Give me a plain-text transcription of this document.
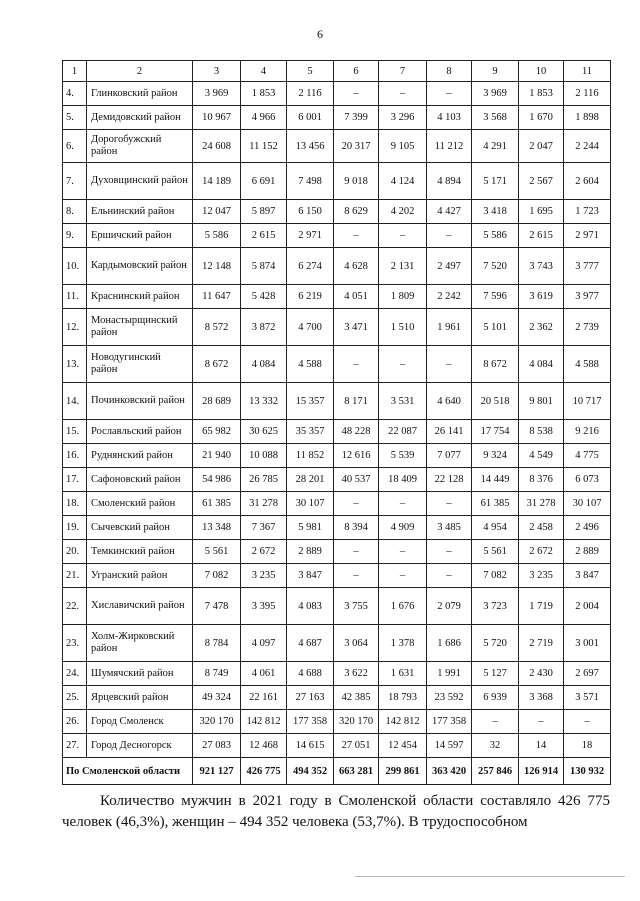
6
1	2	3	4	5	6	7	8	9	10	11
4.	Глинковский район	3 969	1 853	2 116	–	–	–	3 969	1 853	2 116
5.	Демидовский район	10 967	4 966	6 001	7 399	3 296	4 103	3 568	1 670	1 898
6.	Дорогобужский район	24 608	11 152	13 456	20 317	9 105	11 212	4 291	2 047	2 244
7.	Духовщинский район	14 189	6 691	7 498	9 018	4 124	4 894	5 171	2 567	2 604
8.	Ельнинский район	12 047	5 897	6 150	8 629	4 202	4 427	3 418	1 695	1 723
9.	Ершичский район	5 586	2 615	2 971	–	–	–	5 586	2 615	2 971
10.	Кардымовский район	12 148	5 874	6 274	4 628	2 131	2 497	7 520	3 743	3 777
11.	Краснинский район	11 647	5 428	6 219	4 051	1 809	2 242	7 596	3 619	3 977
12.	Монастырщинский район	8 572	3 872	4 700	3 471	1 510	1 961	5 101	2 362	2 739
13.	Новодугинский район	8 672	4 084	4 588	–	–	–	8 672	4 084	4 588
14.	Починковский район	28 689	13 332	15 357	8 171	3 531	4 640	20 518	9 801	10 717
15.	Рославльский район	65 982	30 625	35 357	48 228	22 087	26 141	17 754	8 538	9 216
16.	Руднянский район	21 940	10 088	11 852	12 616	5 539	7 077	9 324	4 549	4 775
17.	Сафоновский район	54 986	26 785	28 201	40 537	18 409	22 128	14 449	8 376	6 073
18.	Смоленский район	61 385	31 278	30 107	–	–	–	61 385	31 278	30 107
19.	Сычевский район	13 348	7 367	5 981	8 394	4 909	3 485	4 954	2 458	2 496
20.	Темкинский район	5 561	2 672	2 889	–	–	–	5 561	2 672	2 889
21.	Угранский район	7 082	3 235	3 847	–	–	–	7 082	3 235	3 847
22.	Хиславичский район	7 478	3 395	4 083	3 755	1 676	2 079	3 723	1 719	2 004
23.	Холм-Жирковский район	8 784	4 097	4 687	3 064	1 378	1 686	5 720	2 719	3 001
24.	Шумячский район	8 749	4 061	4 688	3 622	1 631	1 991	5 127	2 430	2 697
25.	Ярцевский район	49 324	22 161	27 163	42 385	18 793	23 592	6 939	3 368	3 571
26.	Город Смоленск	320 170	142 812	177 358	320 170	142 812	177 358	–	–	–
27.	Город Десногорск	27 083	12 468	14 615	27 051	12 454	14 597	32	14	18
По Смоленской области		921 127	426 775	494 352	663 281	299 861	363 420	257 846	126 914	130 932

Количество мужчин в 2021 году в Смоленской области составляло 426 775 человек (46,3%), женщин – 494 352 человека (53,7%). В трудоспособном
